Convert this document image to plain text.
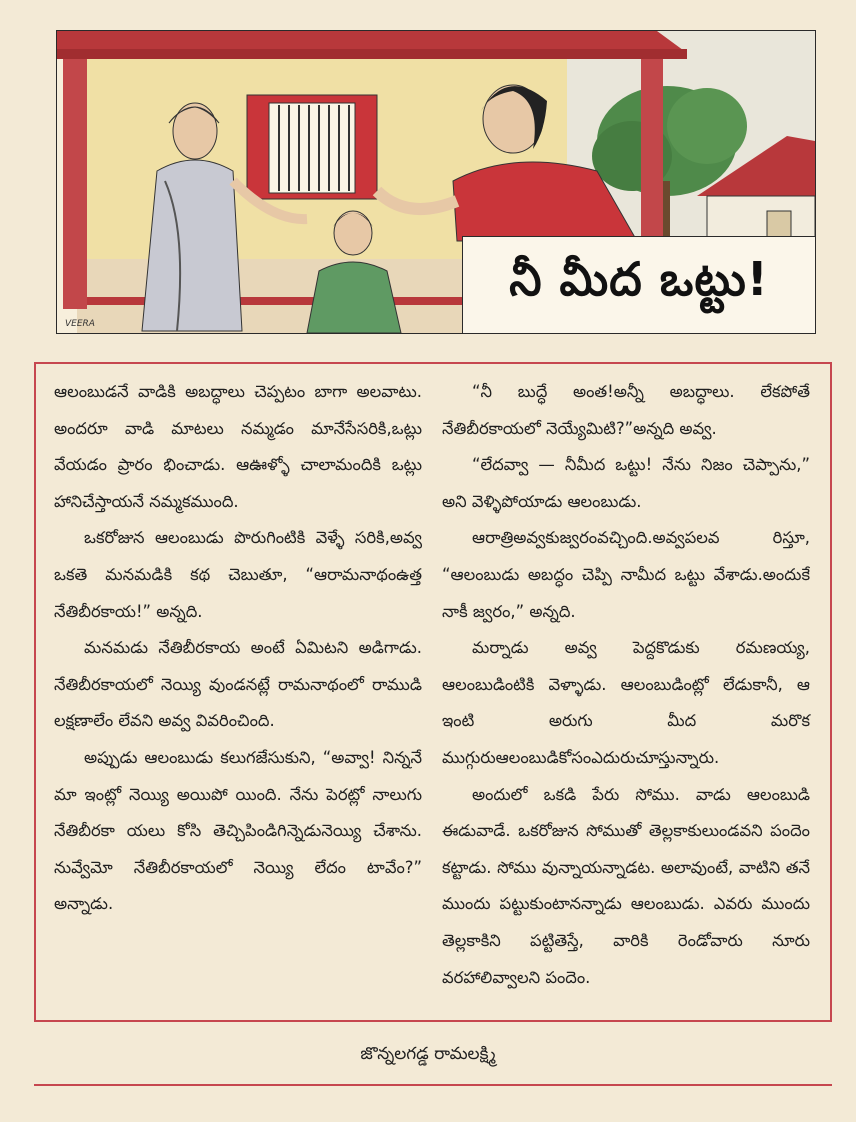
VEERA
నీ మీద ఒట్టు!

ఆలంబుడనే వాడికి అబద్ధాలు చెప్పటం బాగా అలవాటు. అందరూ వాడి మాటలు నమ్మడం మానేసేసరికి,ఒట్లు వేయడం ప్రారం భించాడు. ఆఊళ్ళో చాలామందికి ఒట్లు హానిచేస్తాయనే నమ్మకముంది.

ఒకరోజున ఆలంబుడు పొరుగింటికి వెళ్ళే సరికి,అవ్వ ఒకతె మనమడికి కథ చెబుతూ, “ఆరామనాథంఉత్త నేతిబీరకాయ!” అన్నది.

మనమడు నేతిబీరకాయ అంటే ఏమిటని అడిగాడు. నేతిబీరకాయలో నెయ్యి వుండనట్లే రామనాథంలో రాముడి లక్షణాలేం లేవని అవ్వ వివరించింది.

అప్పుడు ఆలంబుడు కలుగజేసుకుని, “అవ్వా! నిన్ననే మా ఇంట్లో నెయ్యి అయిపో యింది. నేను పెరట్లో నాలుగు నేతిబీరకా యలు కోసి తెచ్చిపిండిగిన్నెడునెయ్యి చేశాను. నువ్వేమో నేతిబీరకాయలో నెయ్యి లేదం టావేం?” అన్నాడు.

“నీ బుద్ధే అంత!అన్నీ అబద్ధాలు. లేకపోతే నేతిబీరకాయలో నెయ్యేమిటి?”అన్నది అవ్వ.

“లేదవ్వా — నీమీద ఒట్టు! నేను నిజం చెప్పాను,” అని వెళ్ళిపోయాడు ఆలంబుడు.

ఆరాత్రిఅవ్వకుజ్వరంవచ్చింది.అవ్వపలవ రిస్తూ, “ఆలంబుడు అబద్ధం చెప్పి నామీద ఒట్టు వేశాడు.అందుకే నాకీ జ్వరం,” అన్నది.

మర్నాడు అవ్వ పెద్దకొడుకు రమణయ్య, ఆలంబుడింటికి వెళ్ళాడు. ఆలంబుడింట్లో లేడుకానీ, ఆ ఇంటి అరుగు మీద మరొక ముగ్గురుఆలంబుడికోసంఎదురుచూస్తున్నారు.

అందులో ఒకడి పేరు సోము. వాడు ఆలంబుడి ఈడువాడే. ఒకరోజున సోముతో తెల్లకాకులుండవని పందెం కట్టాడు. సోము వున్నాయన్నాడట. అలావుంటే, వాటిని తనే ముందు పట్టుకుంటానన్నాడు ఆలంబుడు. ఎవరు ముందు తెల్లకాకిని పట్టితెస్తే, వారికి రెండోవారు నూరు వరహాలివ్వాలని పందెం.

జొన్నలగడ్డ రామలక్ష్మి
